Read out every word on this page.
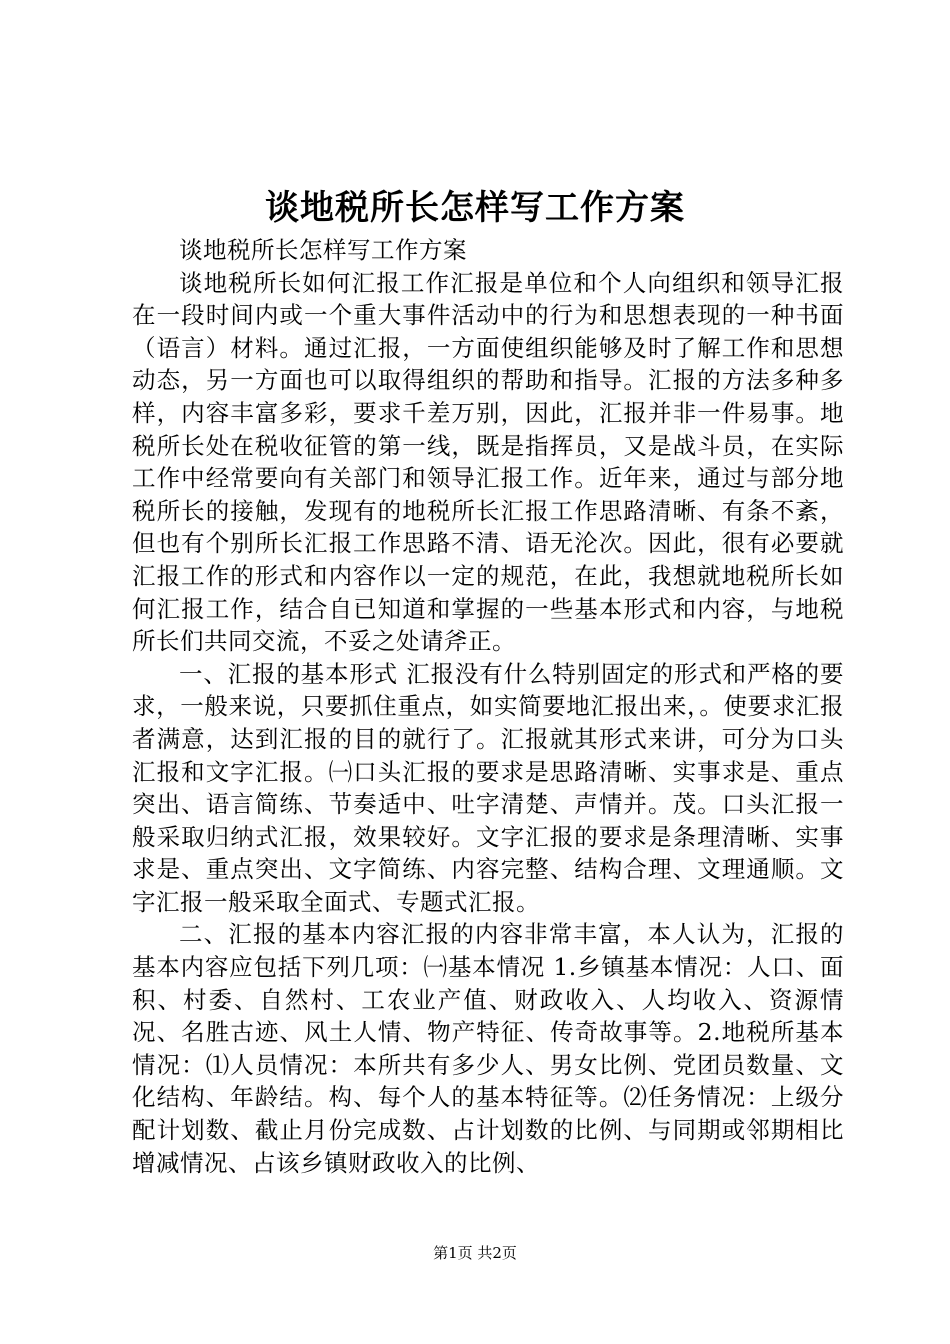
谈地税所长怎样写工作方案

谈地税所长怎样写工作方案

谈地税所长如何汇报工作汇报是单位和个人向组织和领导汇报在一段时间内或一个重大事件活动中的行为和思想表现的一种书面（语言）材料。通过汇报，一方面使组织能够及时了解工作和思想动态，另一方面也可以取得组织的帮助和指导。汇报的方法多种多样，内容丰富多彩，要求千差万别，因此，汇报并非一件易事。地税所长处在税收征管的第一线，既是指挥员，又是战斗员，在实际工作中经常要向有关部门和领导汇报工作。近年来，通过与部分地税所长的接触，发现有的地税所长汇报工作思路清晰、有条不紊，但也有个别所长汇报工作思路不清、语无沦次。因此，很有必要就汇报工作的形式和内容作以一定的规范，在此，我想就地税所长如何汇报工作，结合自已知道和掌握的一些基本形式和内容，与地税所长们共同交流，不妥之处请斧正。

一、汇报的基本形式 汇报没有什么特别固定的形式和严格的要求，一般来说，只要抓住重点，如实简要地汇报出来，。使要求汇报者满意，达到汇报的目的就行了。汇报就其形式来讲，可分为口头汇报和文字汇报。㈠口头汇报的要求是思路清晰、实事求是、重点突出、语言简练、节奏适中、吐字清楚、声情并。茂。口头汇报一般采取归纳式汇报，效果较好。文字汇报的要求是条理清晰、实事求是、重点突出、文字简练、内容完整、结构合理、文理通顺。文字汇报一般采取全面式、专题式汇报。

二、汇报的基本内容汇报的内容非常丰富，本人认为，汇报的基本内容应包括下列几项：㈠基本情况 1.乡镇基本情况：人口、面积、村委、自然村、工农业产值、财政收入、人均收入、资源情况、名胜古迹、风土人情、物产特征、传奇故事等。2.地税所基本情况：⑴人员情况：本所共有多少人、男女比例、党团员数量、文化结构、年龄结。构、每个人的基本特征等。⑵任务情况：上级分配计划数、截止月份完成数、占计划数的比例、与同期或邻期相比增减情况、占该乡镇财政收入的比例、

第1页 共2页
